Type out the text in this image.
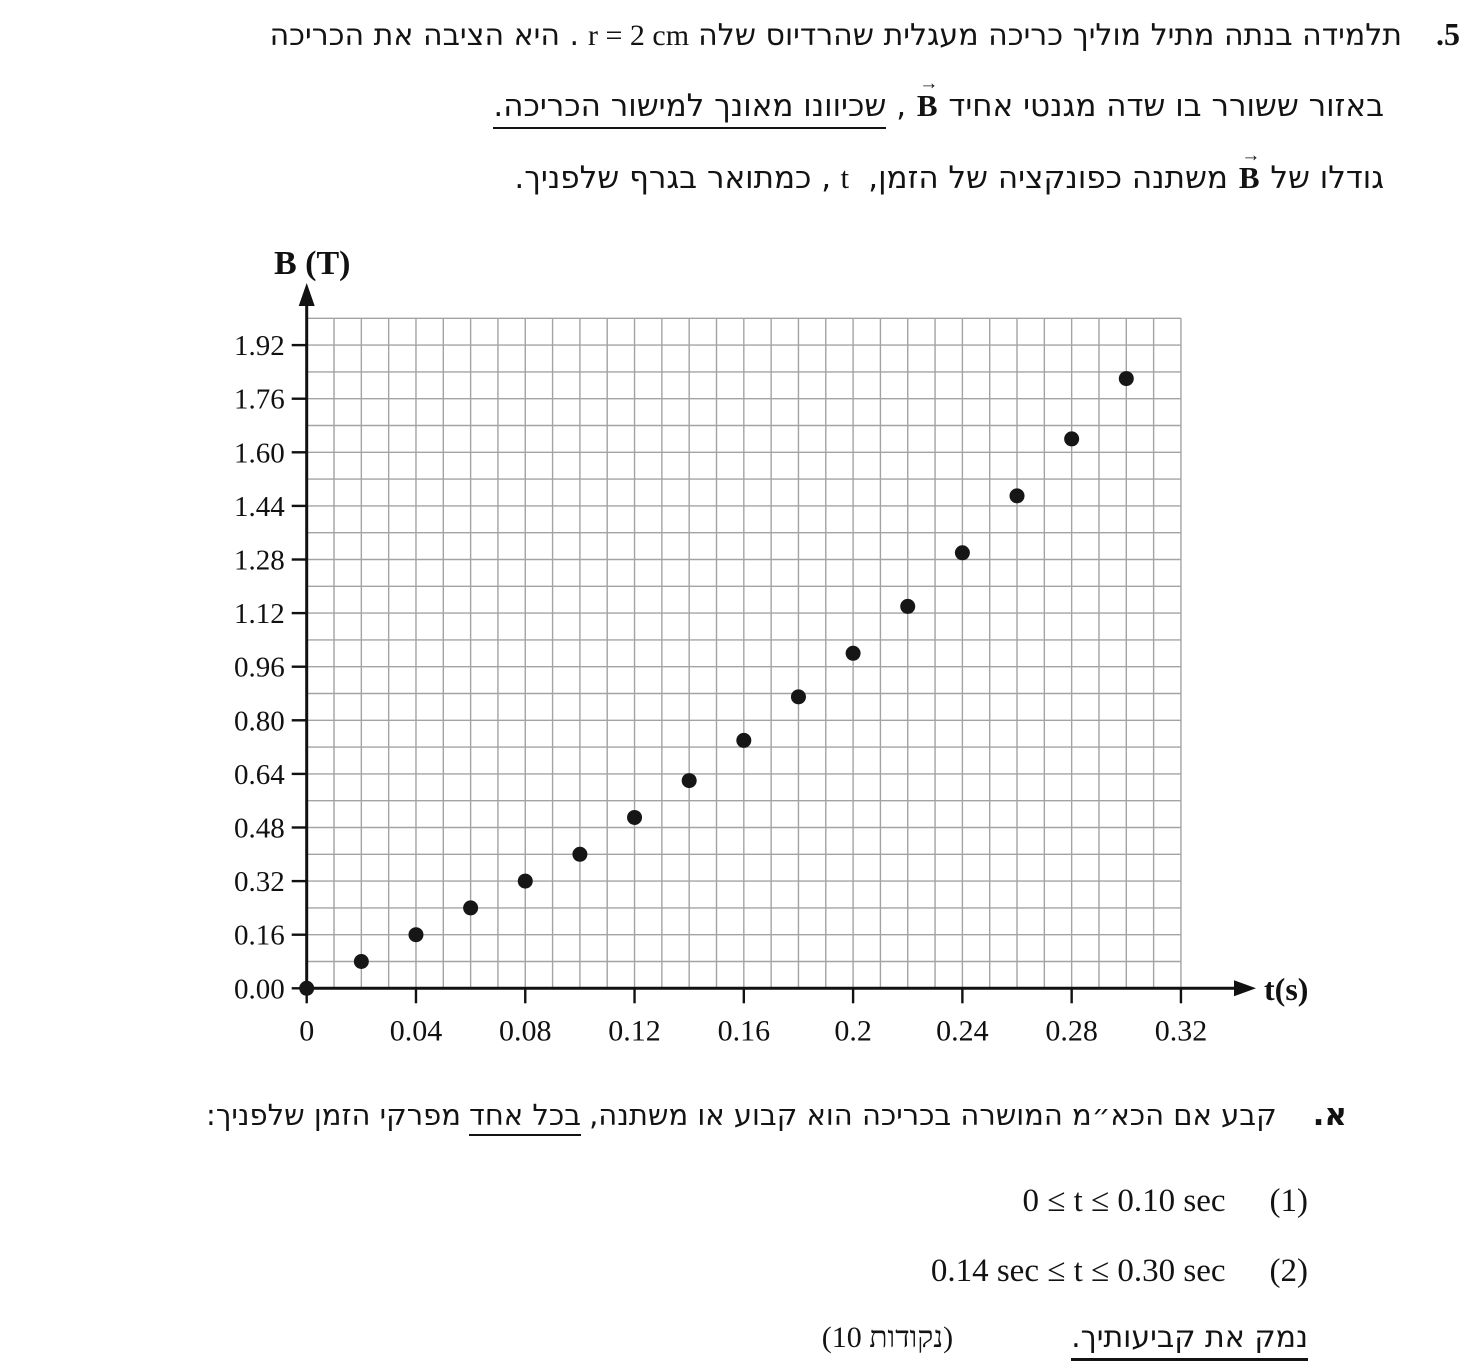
.5תלמידה בנתה מתיל מוליך כריכה מעגלית שהרדיוס שלהr = 2 cm. היא הציבה את הכריכה
באזור ששורר בו שדה מגנטי אחיד
→
B, שכיוונו מאונך למישור הכריכה.
גודלו של
→
Bמשתנה כפונקציה של הזמן, t, כמתואר בגרף שלפניך.
0.00
0.16
0.32
0.48
0.64
0.80
0.96
1.12
1.28
1.44
1.60
1.76
1.92
0	0.04 0.08 0.12 0.16 0.2 0.24 0.28 0.32
B (T)
t(s)
א.קבע אם הכא״מ המושרה בכריכה הוא קבוע או משתנה,בכל אחדמפרקי הזמן שלפניך:
(1)0 ≤ t ≤ 0.10 sec
(2)0.14 sec ≤ t ≤ 0.30 sec
נמק את קביעותיך.(10 נקודות)
